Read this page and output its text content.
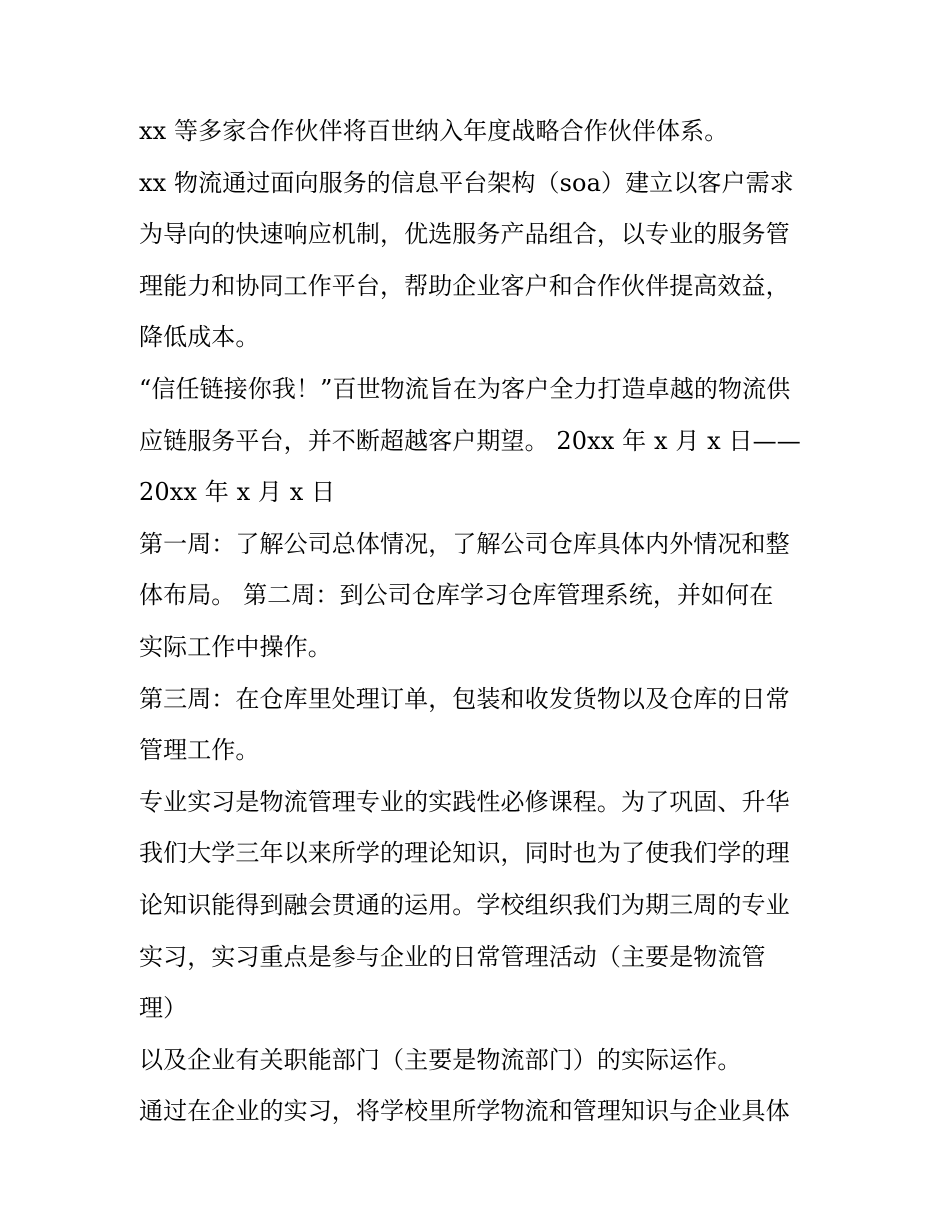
xx 等多家合作伙伴将百世纳入年度战略合作伙伴体系。
xx 物流通过面向服务的信息平台架构（soa）建立以客户需求
为导向的快速响应机制，优选服务产品组合，以专业的服务管
理能力和协同工作平台，帮助企业客户和合作伙伴提高效益，
降低成本。
“信任链接你我！”百世物流旨在为客户全力打造卓越的物流供
应链服务平台，并不断超越客户期望。 20xx 年 x 月 x 日——
20xx 年 x 月 x 日
第一周：了解公司总体情况，了解公司仓库具体内外情况和整
体布局。 第二周：到公司仓库学习仓库管理系统，并如何在
实际工作中操作。
第三周：在仓库里处理订单，包装和收发货物以及仓库的日常
管理工作。
专业实习是物流管理专业的实践性必修课程。为了巩固、升华
我们大学三年以来所学的理论知识，同时也为了使我们学的理
论知识能得到融会贯通的运用。学校组织我们为期三周的专业
实习，实习重点是参与企业的日常管理活动（主要是物流管
理）
以及企业有关职能部门（主要是物流部门）的实际运作。
通过在企业的实习，将学校里所学物流和管理知识与企业具体
